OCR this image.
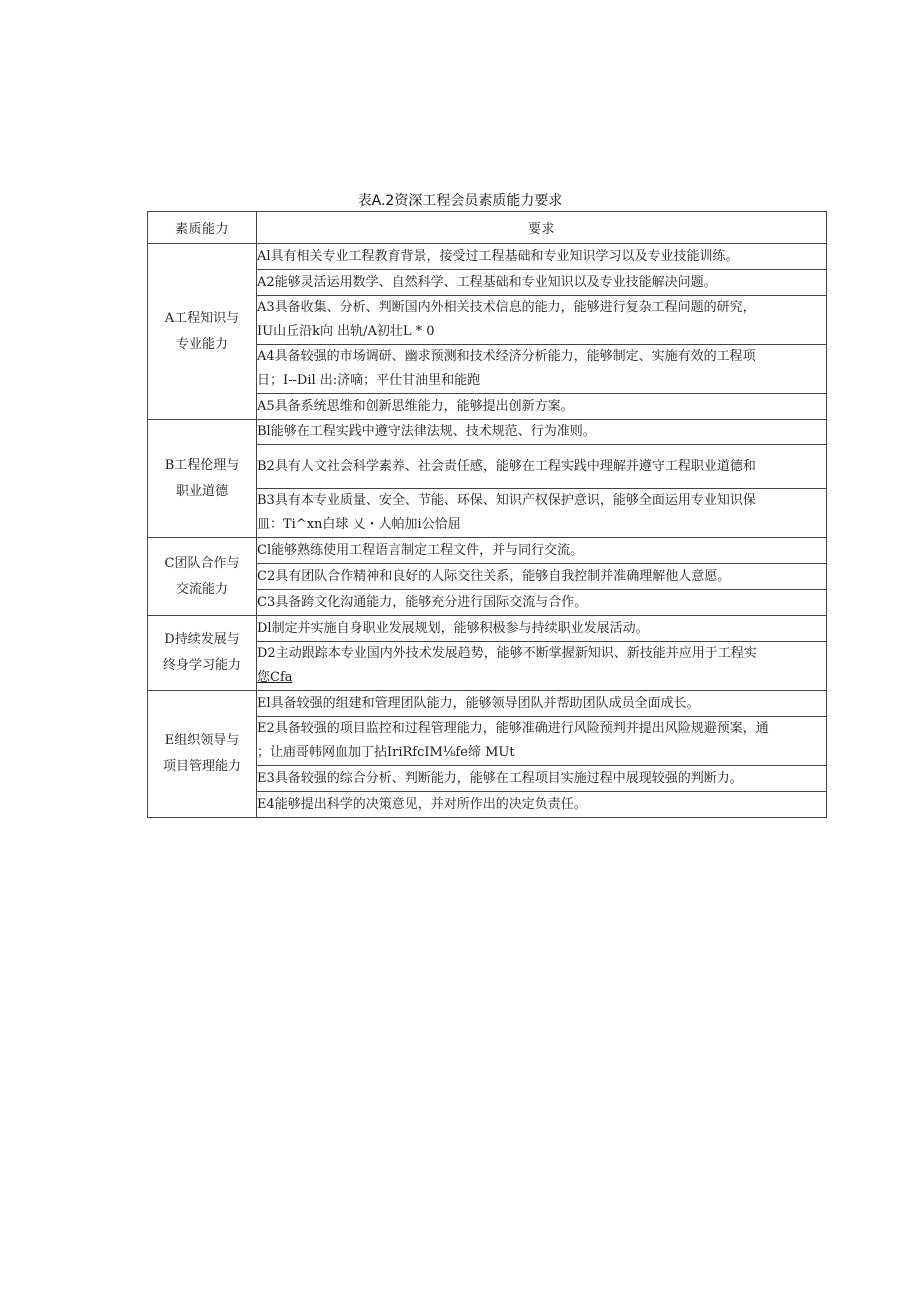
表A.2资深工程会员素质能力要求
素质能力	要求

A工程知识与
专业能力	Al具有相关专业工程教育背景，接受过工程基础和专业知识学习以及专业技能训练。

	A2能够灵活运用数学、自然科学、工程基础和专业知识以及专业技能解决问题。

	A3具备收集、分析、判断国内外相关技术信息的能力，能够进行复杂工程问题的研究，
IU山丘沿k向 出轨/A初壮L * 0

	A4具备较强的市场调研、幽求预测和技术经济分析能力，能够制定、实施有效的工程项
日；I--Dil 出:济嘀；平仕甘油里和能跑

	A5具备系统思维和创新思维能力，能够提出创新方案。

B工程伦理与
职业道德	Bl能够在工程实践中遵守法律法规、技术规范、行为准则。

	B2具有人文社会科学素养、社会责任感，能够在工程实践中理解并遵守工程职业道德和

	B3具有本专业质量、安全、节能、环保、知识产权保护意识，能够全面运用专业知识保
皿：Ti^xn白球 乂・人帕加i公恰屈

C团队合作与
交流能力	Cl能够熟练使用工程语言制定工程文件，并与同行交流。

	C2具有团队合作精神和良好的人际交往关系，能够自我控制并准确理解他人意愿。

	C3具备跨文化沟通能力，能够充分进行国际交流与合作。

D持续发展与
终身学习能力	Dl制定并实施自身职业发展规划，能够积极参与持续职业发展活动。

	D2主动跟踪本专业国内外技术发展趋势，能够不断掌握新知识、新技能并应用于工程实
您Cfa

E组织领导与
项目管理能力	El具备较强的组建和管理团队能力，能够领导团队并帮助团队成员全面成长。

	E2具备较强的项目监控和过程管理能力，能够准确进行风险预判并提出风险规避预案，通
；让庙哥帏网血加丁拈IriRfcIM⅛fe缔 MUt

	E3具备较强的综合分析、判断能力，能够在工程项目实施过程中展现较强的判断力。

	E4能够提出科学的决策意见，并对所作出的决定负责任。
